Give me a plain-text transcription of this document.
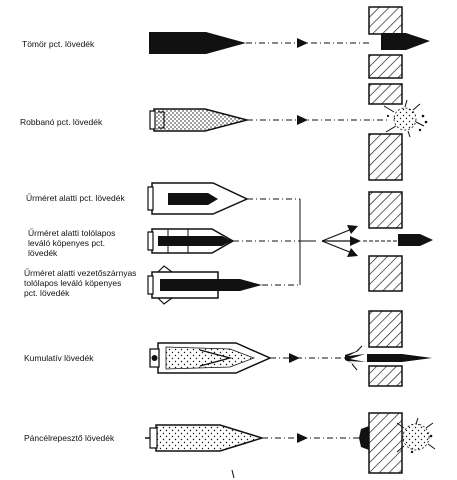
Tömör pct. lövedék
Robbanó pct. lövedék
Űrméret alatti pct. lövedék
Űrméret alatti tolólapos
leváló köpenyes pct.
lövedék
Űrméret alatti vezetőszárnyas
tolólapos leváló köpenyes
pct. lövedék
Kumulatív lövedék
Páncélrepesztő lövedék
